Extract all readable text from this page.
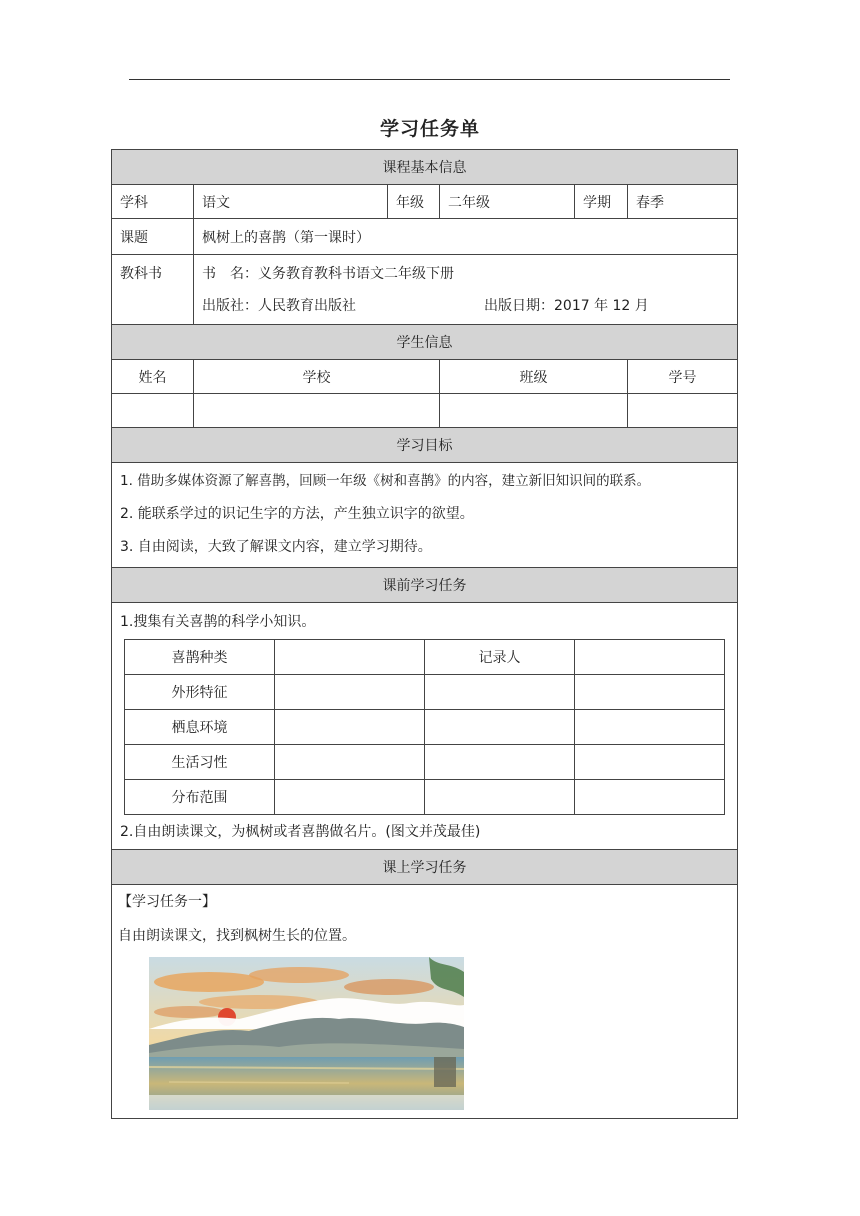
学习任务单
课程基本信息
学科	语文	年级	二年级	学期	春季
课题	枫树上的喜鹊（第一课时）
教科书	书　名：义务教育教科书语文二年级下册
出版社：人民教育出版社	出版日期：2017 年 12 月

学生信息
姓名	学校	班级	学号

学习目标

1. 借助多媒体资源了解喜鹊，回顾一年级《树和喜鹊》的内容，建立新旧知识间的联系。
2. 能联系学过的识记生字的方法，产生独立识字的欲望。
3. 自由阅读，大致了解课文内容，建立学习期待。

课前学习任务

1.搜集有关喜鹊的科学小知识。
喜鹊种类		记录人	
外形特征			
栖息环境			
生活习性			
分布范围			
2.自由朗读课文，为枫树或者喜鹊做名片。(图文并茂最佳)

课上学习任务

【学习任务一】
自由朗读课文，找到枫树生长的位置。
